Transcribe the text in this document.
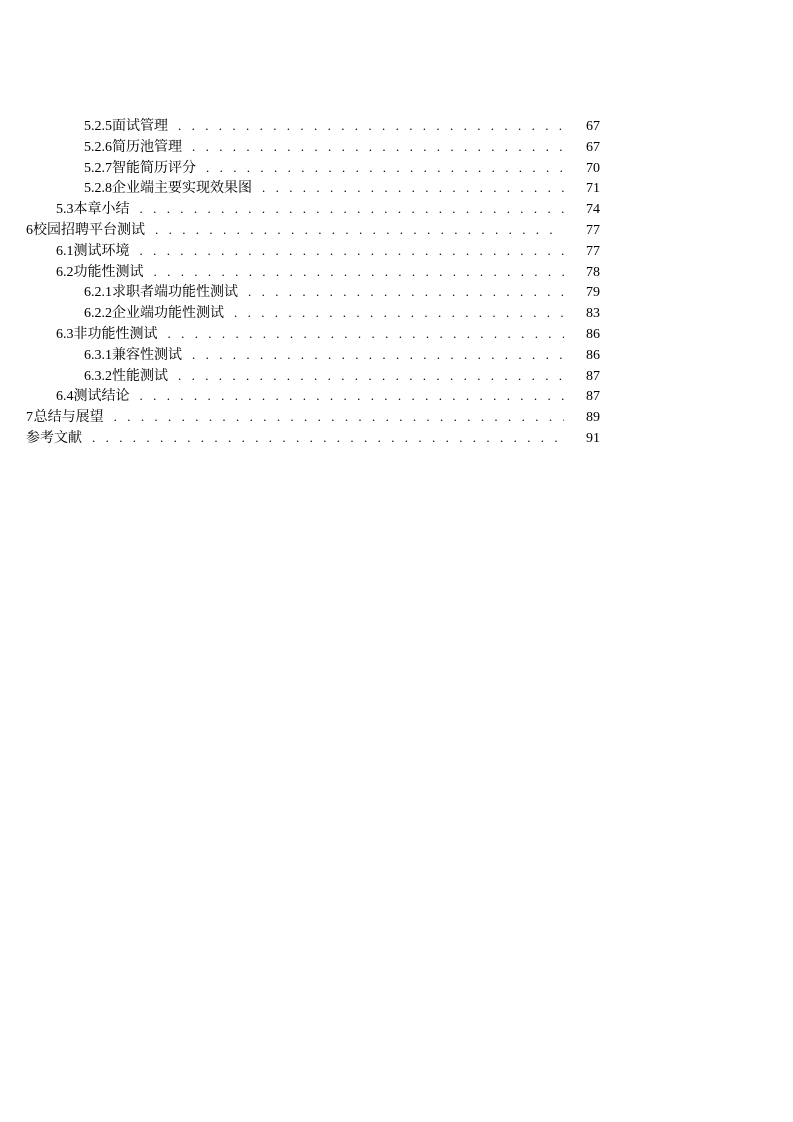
5.2.5 面试管理 . . .	67
5.2.6 简历池管理 . . .	67
5.2.7 智能简历评分 . . .	70
5.2.8 企业端主要实现效果图 . . .	71
5.3 本章小结 . . .	74
6 校园招聘平台测试 . . .	77
6.1 测试环境 . . .	77
6.2 功能性测试 . . .	78
6.2.1 求职者端功能性测试 . . .	79
6.2.2 企业端功能性测试 . . .	83
6.3 非功能性测试 . . .	86
6.3.1 兼容性测试 . . .	86
6.3.2 性能测试 . . .	87
6.4 测试结论 . . .	87
7 总结与展望 . . .	89
参考文献 . . .	91
